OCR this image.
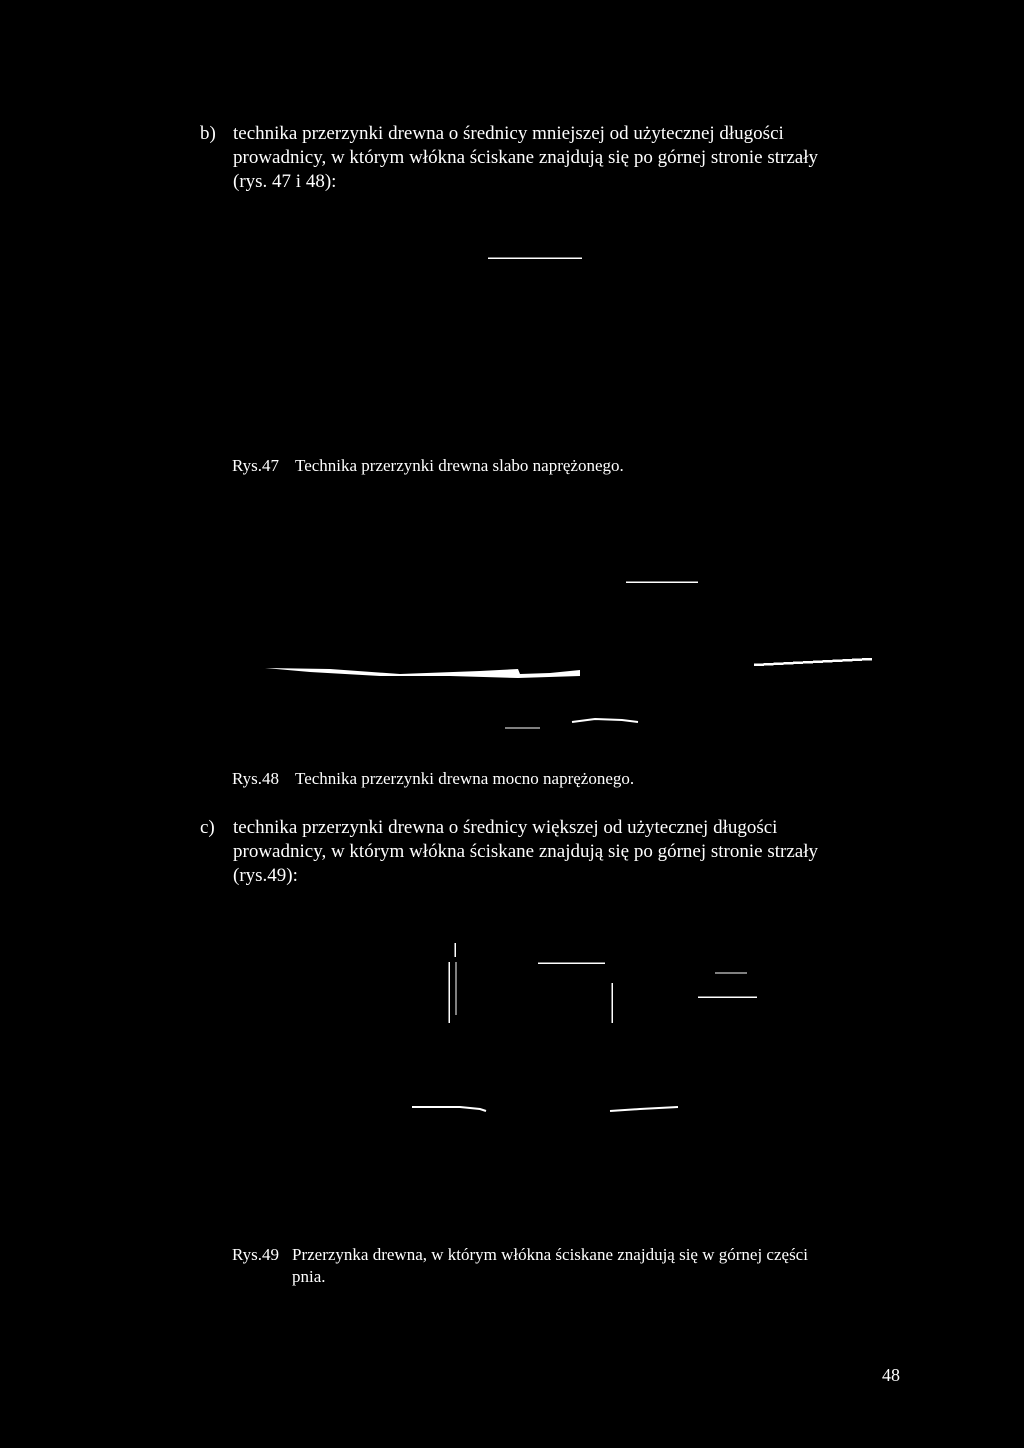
b) technika przerzynki drewna o średnicy mniejszej od użytecznej długości
prowadnicy, w którym włókna ściskane znajdują się po górnej stronie strzały
(rys. 47 i 48):
Rys.47 Technika przerzynki drewna slabo naprężonego.
Rys.48 Technika przerzynki drewna mocno naprężonego.
c) technika przerzynki drewna o średnicy większej od użytecznej długości
prowadnicy, w którym włókna ściskane znajdują się po górnej stronie strzały
(rys.49):
Rys.49 Przerzynka drewna, w którym włókna ściskane znajdują się w górnej części
pnia.
48
